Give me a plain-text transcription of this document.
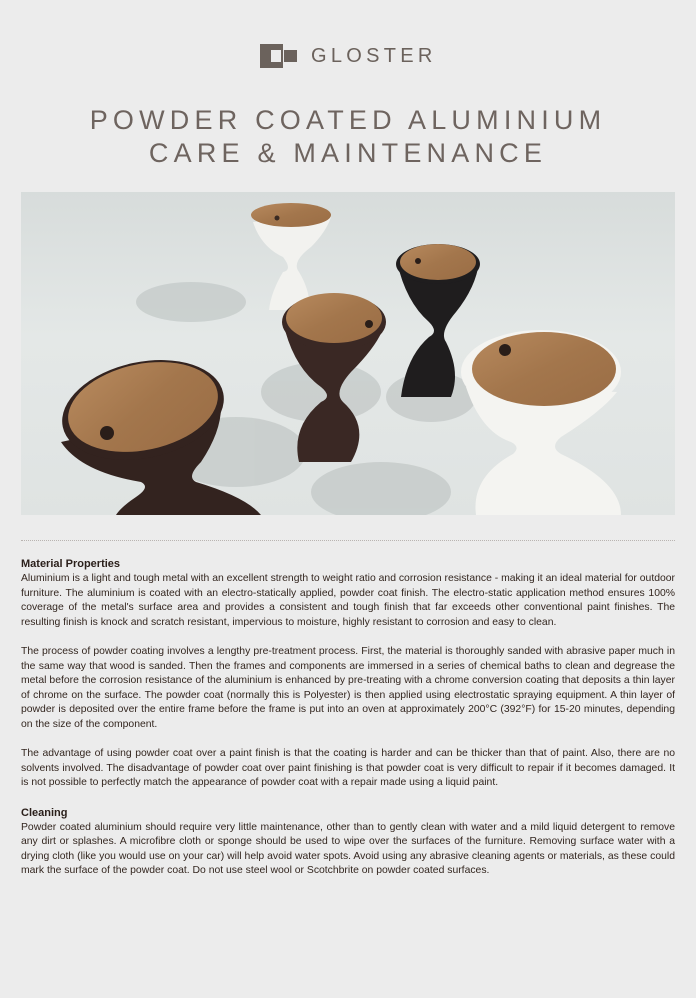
GLOSTER
POWDER COATED ALUMINIUM
CARE & MAINTENANCE
Material Properties

Aluminium is a light and tough metal with an excellent strength to weight ratio and corrosion resistance - making it an ideal material for outdoor furniture. The aluminium is coated with an electro-statically applied, powder coat finish. The electro-static application method ensures 100% coverage of the metal's surface area and provides a consistent and tough finish that far exceeds other conventional paint finishes. The resulting finish is knock and scratch resistant, impervious to moisture, highly resistant to corrosion and easy to clean.

The process of powder coating involves a lengthy pre-treatment process. First, the material is thoroughly sanded with abrasive paper much in the same way that wood is sanded. Then the frames and components are immersed in a series of chemical baths to clean and degrease the metal before the corrosion resistance of the aluminium is enhanced by pre-treating with a chrome conversion coating that deposits a thin layer of chrome on the surface. The powder coat (normally this is Polyester) is then applied using electrostatic spraying equipment. A thin layer of powder is deposited over the entire frame before the frame is put into an oven at approximately 200°C (392°F) for 15-20 minutes, depending on the size of the component.

The advantage of using powder coat over a paint finish is that the coating is harder and can be thicker than that of paint. Also, there are no solvents involved. The disadvantage of powder coat over paint finishing is that powder coat is very difficult to repair if it becomes damaged. It is not possible to perfectly match the appearance of powder coat with a repair made using a liquid paint.

Cleaning

Powder coated aluminium should require very little maintenance, other than to gently clean with water and a mild liquid detergent to remove any dirt or splashes. A microfibre cloth or sponge should be used to wipe over the surfaces of the furniture. Removing surface water with a drying cloth (like you would use on your car) will help avoid water spots. Avoid using any abrasive cleaning agents or materials, as these could mark the surface of the powder coat. Do not use steel wool or Scotchbrite on powder coated surfaces.
